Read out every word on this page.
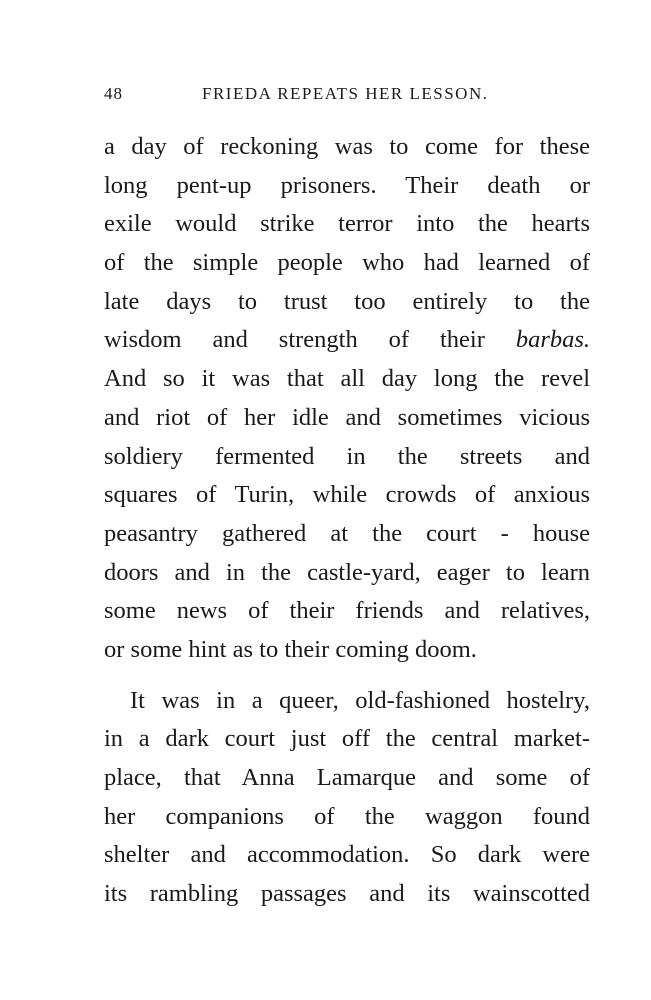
48	FRIEDA REPEATS HER LESSON.
a day of reckoning was to come for these
long pent-up prisoners. Their death or
exile would strike terror into the hearts
of the simple people who had learned of
late days to trust too entirely to the
wisdom and strength of their barbas.
And so it was that all day long the revel
and riot of her idle and sometimes vicious
soldiery fermented in the streets and
squares of Turin, while crowds of anxious
peasantry gathered at the court - house
doors and in the castle-yard, eager to learn
some news of their friends and relatives,
or some hint as to their coming doom.
It was in a queer, old-fashioned hostelry,
in a dark court just off the central market-
place, that Anna Lamarque and some of
her companions of the waggon found
shelter and accommodation. So dark were
its rambling passages and its wainscotted
